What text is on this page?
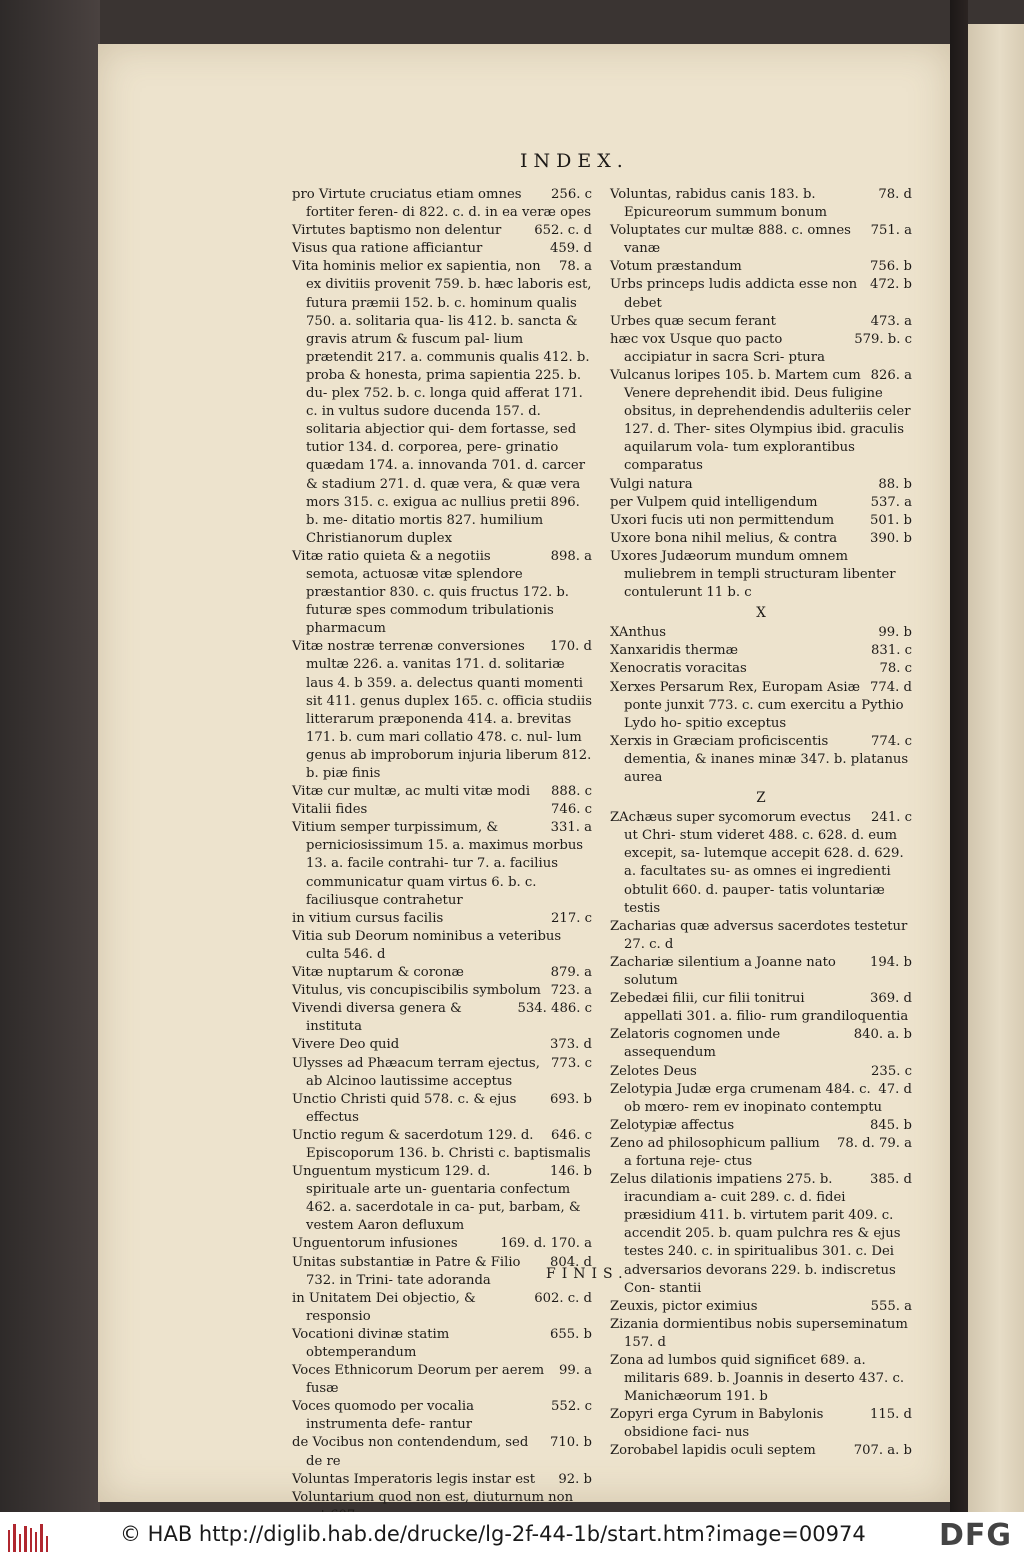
INDEX.
256. c
pro Virtute cruciatus etiam omnes fortiter feren- di 822. c. d. in ea veræ opes
652. c. d
Virtutes baptismo non delentur
459. d
Visus qua ratione afficiantur
78. a
Vita hominis melior ex sapientia, non ex divitiis provenit 759. b. hæc laboris est, futura præmii 152. b. c. hominum qualis 750. a. solitaria qua- lis 412. b. sancta & gravis atrum & fuscum pal- lium prætendit 217. a. communis qualis 412. b. proba & honesta, prima sapientia 225. b. du- plex 752. b. c. longa quid afferat 171. c. in vultus sudore ducenda 157. d. solitaria abjectior qui- dem fortasse, sed tutior 134. d. corporea, pere- grinatio quædam 174. a. innovanda 701. d. carcer & stadium 271. d. quæ vera, & quæ vera mors 315. c. exigua ac nullius pretii 896. b. me- ditatio mortis 827. humilium Christianorum duplex
898. a
Vitæ ratio quieta & a negotiis semota, actuosæ vitæ splendore præstantior 830. c. quis fructus 172. b. futuræ spes commodum tribulationis pharmacum
170. d
Vitæ nostræ terrenæ conversiones multæ 226. a. vanitas 171. d. solitariæ laus 4. b 359. a. delectus quanti momenti sit 411. genus duplex 165. c. officia studiis litterarum præponenda 414. a. brevitas 171. b. cum mari collatio 478. c. nul- lum genus ab improborum injuria liberum 812. b. piæ finis
888. c
Vitæ cur multæ, ac multi vitæ modi
746. c
Vitalii fides
331. a
Vitium semper turpissimum, & perniciosissimum 15. a. maximus morbus 13. a. facile contrahi- tur 7. a. facilius communicatur quam virtus 6. b. c. faciliusque contrahetur
217. c
in vitium cursus facilis
Vitia sub Deorum nominibus a veteribus culta 546. d
879. a
Vitæ nuptarum & coronæ
723. a
Vitulus, vis concupiscibilis symbolum
534. 486. c
Vivendi diversa genera & instituta
373. d
Vivere Deo quid
773. c
Ulysses ad Phæacum terram ejectus, ab Alcinoo lautissime acceptus
693. b
Unctio Christi quid 578. c. & ejus effectus
646. c
Unctio regum & sacerdotum 129. d. Episcoporum 136. b. Christi c. baptismalis
146. b
Unguentum mysticum 129. d. spirituale arte un- guentaria confectum 462. a. sacerdotale in ca- put, barbam, & vestem Aaron defluxum
169. d. 170. a
Unguentorum infusiones
804. d
Unitas substantiæ in Patre & Filio 732. in Trini- tate adoranda
602. c. d
in Unitatem Dei objectio, & responsio
655. b
Vocationi divinæ statim obtemperandum
99. a
Voces Ethnicorum Deorum per aerem fusæ
552. c
Voces quomodo per vocalia instrumenta defe- rantur
710. b
de Vocibus non contendendum, sed de re
92. b
Voluntas Imperatoris legis instar est
Voluntarium quod non est, diuturnum non
78. d
Voluntas, rabidus canis 183. b. Epicureorum summum bonum
751. a
Voluptates cur multæ 888. c. omnes vanæ
756. b
Votum præstandum
472. b
Urbs princeps ludis addicta esse non debet
473. a
Urbes quæ secum ferant
579. b. c
hæc vox Usque quo pacto accipiatur in sacra Scri- ptura
826. a
Vulcanus loripes 105. b. Martem cum Venere deprehendit ibid. Deus fuligine obsitus, in deprehendendis adulteriis celer 127. d. Ther- sites Olympius ibid. graculis aquilarum vola- tum explorantibus comparatus
88. b
Vulgi natura
537. a
per Vulpem quid intelligendum
501. b
Uxori fucis uti non permittendum
390. b
Uxore bona nihil melius, & contra
Uxores Judæorum mundum omnem muliebrem in templi structuram libenter contulerunt 11 b. c
X
99. b
XAnthus
831. c
Xanxaridis thermæ
78. c
Xenocratis voracitas
774. d
Xerxes Persarum Rex, Europam Asiæ ponte junxit 773. c. cum exercitu a Pythio Lydo ho- spitio exceptus
774. c
Xerxis in Græciam proficiscentis dementia, & inanes minæ 347. b. platanus aurea
Z
241. c
ZAchæus super sycomorum evectus ut Chri- stum videret 488. c. 628. d. eum excepit, sa- lutemque accepit 628. d. 629. a. facultates su- as omnes ei ingredienti obtulit 660. d. pauper- tatis voluntariæ testis
Zacharias quæ adversus sacerdotes testetur 27. c. d
194. b
Zachariæ silentium a Joanne nato solutum
369. d
Zebedæi filii, cur filii tonitrui appellati 301. a. filio- rum grandiloquentia
840. a. b
Zelatoris cognomen unde assequendum
235. c
Zelotes Deus
47. d
Zelotypia Judæ erga crumenam 484. c. ob mœro- rem ev inopinato contemptu
845. b
Zelotypiæ affectus
78. d. 79. a
Zeno ad philosophicum pallium a fortuna reje- ctus
385. d
Zelus dilationis impatiens 275. b. iracundiam a- cuit 289. c. d. fidei præsidium 411. b. virtutem parit 409. c. accendit 205. b. quam pulchra res & ejus testes 240. c. in spiritualibus 301. c. Dei adversarios devorans 229. b. indiscretus Con- stantii
555. a
Zeuxis, pictor eximius
Zizania dormientibus nobis superseminatum 157. d
Zona ad lumbos quid significet 689. a. militaris 689. b. Joannis in deserto 437. c. Manichæorum 191. b
115. d
Zopyri erga Cyrum in Babylonis obsidione faci- nus
707. a. b
Zorobabel lapidis oculi septem
FINIS.
© HAB http://diglib.hab.de/drucke/lg-2f-44-1b/start.htm?image=00974 DFG
